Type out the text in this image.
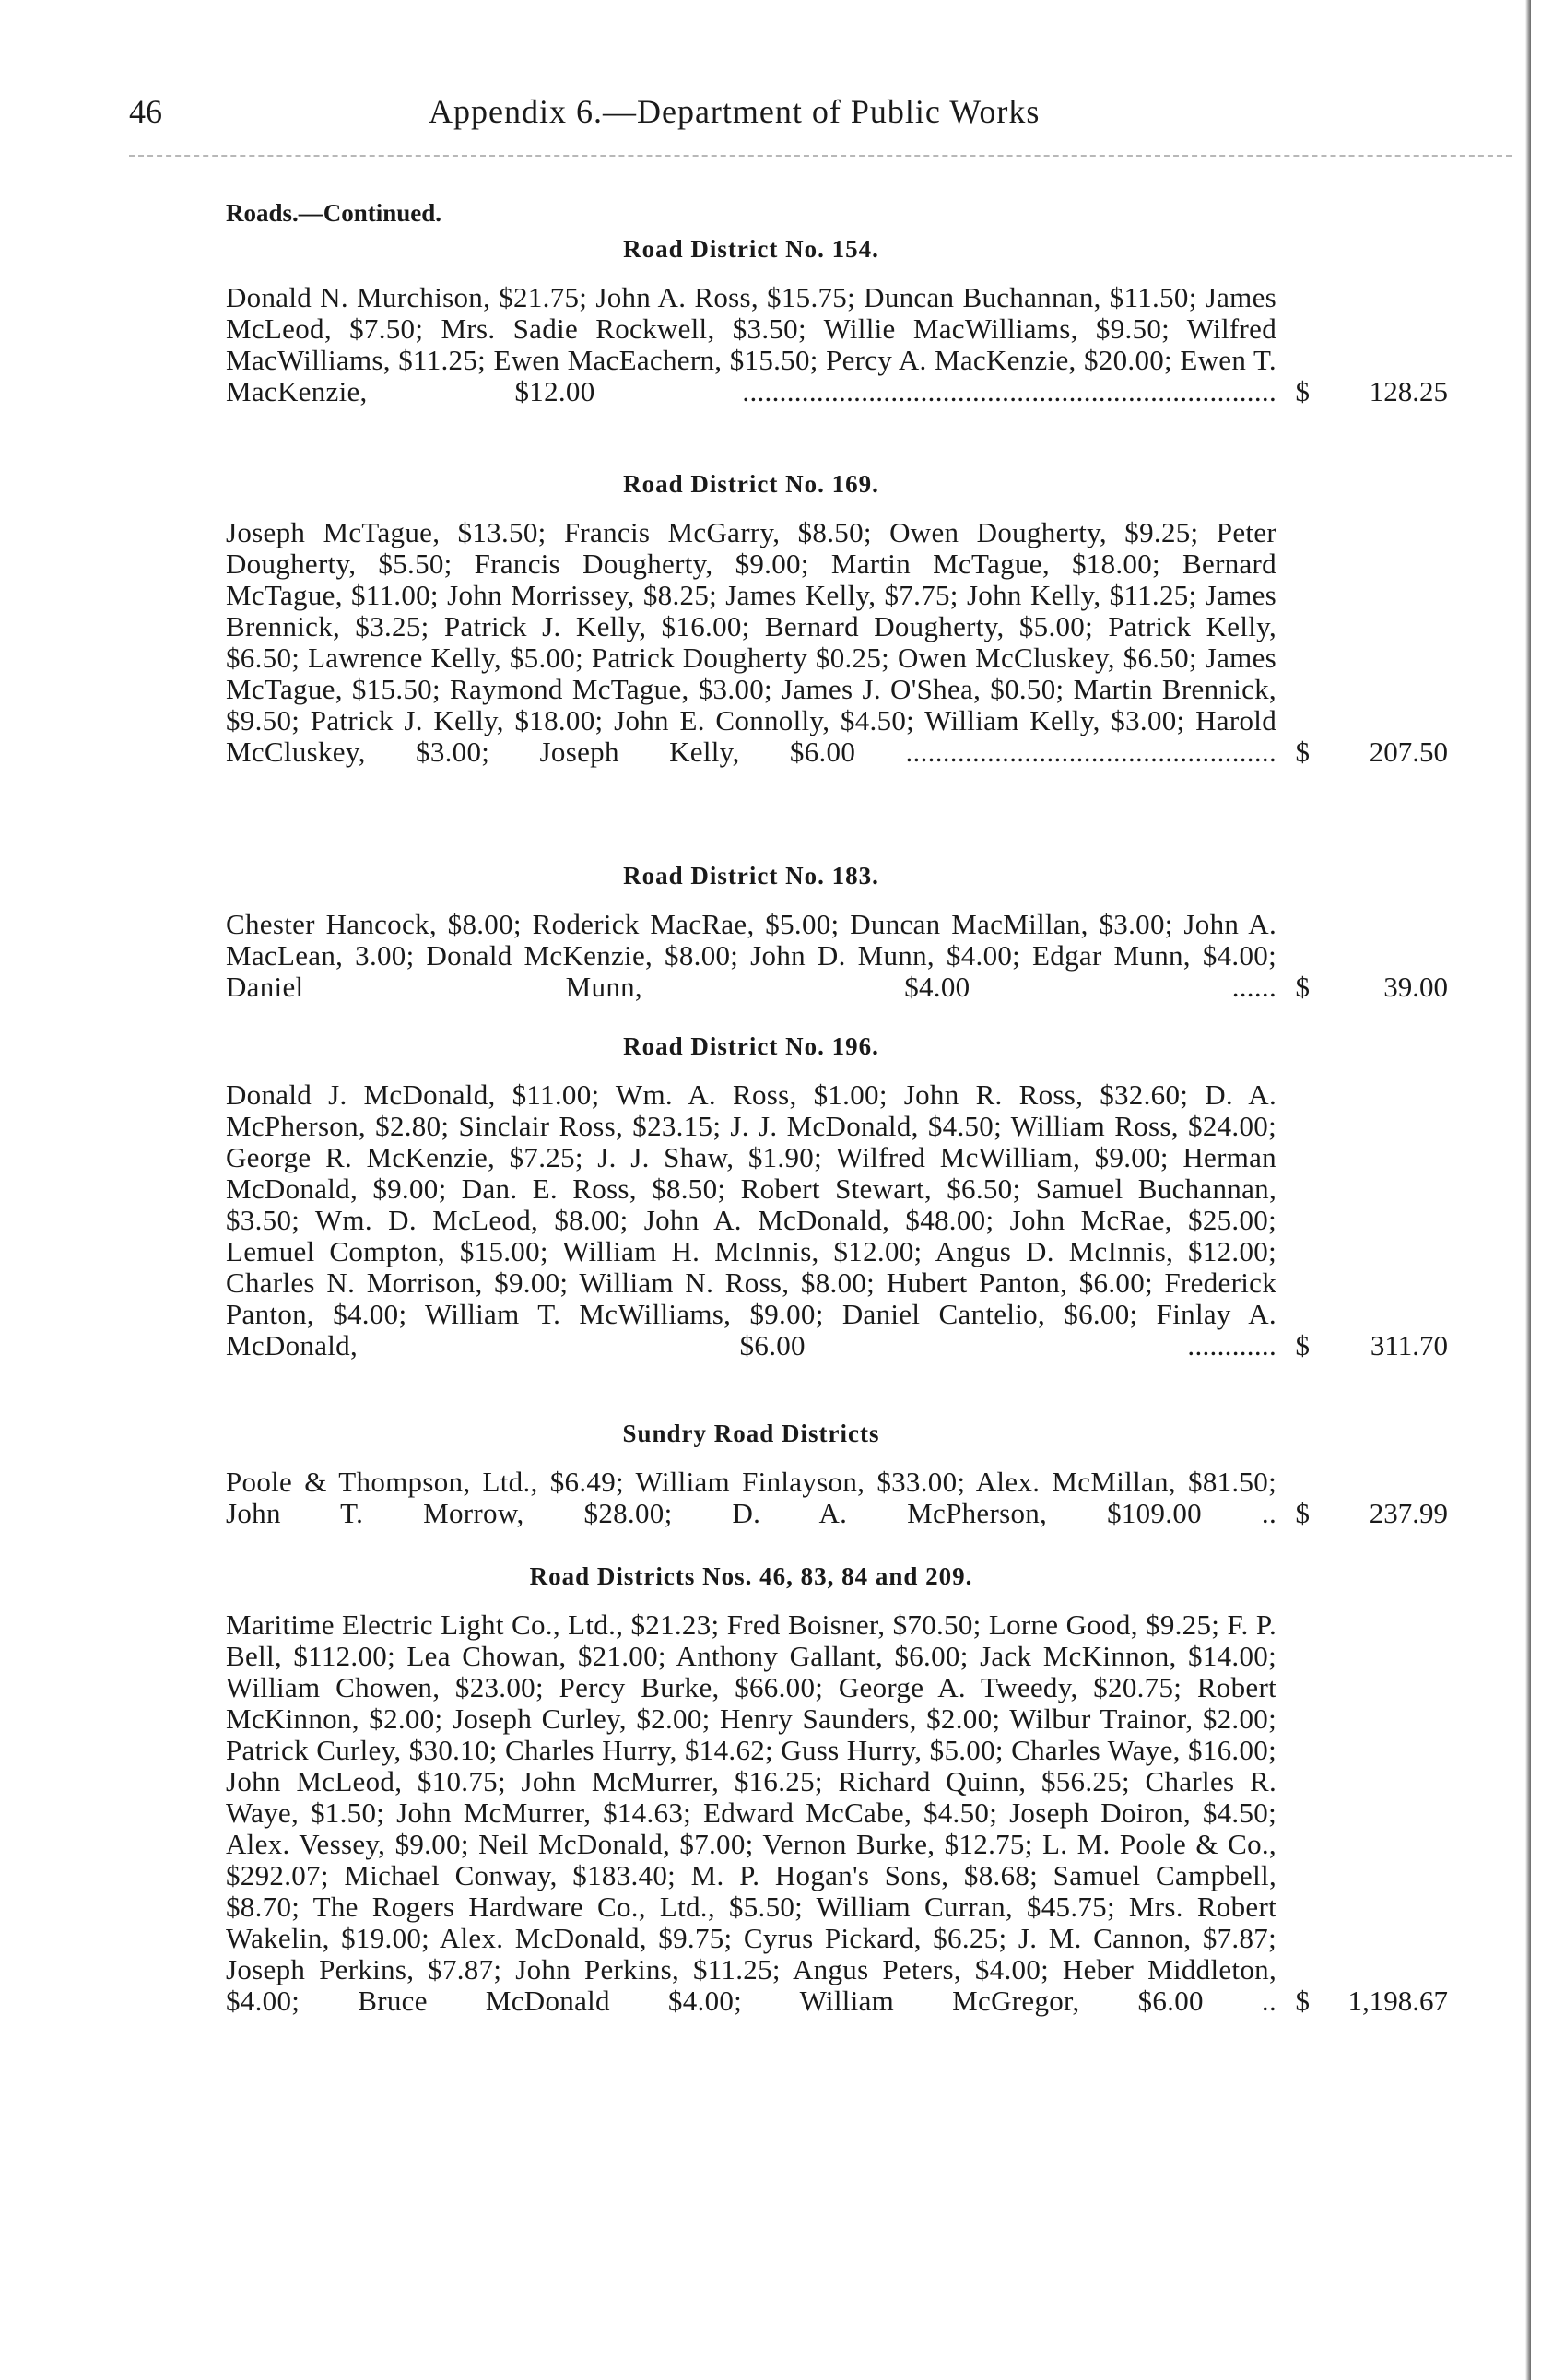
46	Appendix 6.—Department of Public Works
Roads.—Continued.
Road District No. 154.
Donald N. Murchison, $21.75; John A. Ross, $15.75; Duncan Buchannan, $11.50; James McLeod, $7.50; Mrs. Sadie Rockwell, $3.50; Willie MacWilliams, $9.50; Wilfred MacWilliams, $11.25; Ewen MacEachern, $15.50; Percy A. MacKenzie, $20.00; Ewen T. MacKenzie, $12.00 ........................................................................ $	128.25
Road District No. 169.
Joseph McTague, $13.50; Francis McGarry, $8.50; Owen Dougherty, $9.25; Peter Dougherty, $5.50; Francis Dougherty, $9.00; Martin McTague, $18.00; Bernard McTague, $11.00; John Morrissey, $8.25; James Kelly, $7.75; John Kelly, $11.25; James Brennick, $3.25; Patrick J. Kelly, $16.00; Bernard Dougherty, $5.00; Patrick Kelly, $6.50; Lawrence Kelly, $5.00; Patrick Dougherty $0.25; Owen McCluskey, $6.50; James McTague, $15.50; Raymond McTague, $3.00; James J. O'Shea, $0.50; Martin Brennick, $9.50; Patrick J. Kelly, $18.00; John E. Connolly, $4.50; William Kelly, $3.00; Harold McCluskey, $3.00; Joseph Kelly, $6.00 .................................................. $	207.50
Road District No. 183.
Chester Hancock, $8.00; Roderick MacRae, $5.00; Duncan MacMillan, $3.00; John A. MacLean, 3.00; Donald McKenzie, $8.00; John D. Munn, $4.00; Edgar Munn, $4.00; Daniel Munn, $4.00 ...... $	39.00
Road District No. 196.
Donald J. McDonald, $11.00; Wm. A. Ross, $1.00; John R. Ross, $32.60; D. A. McPherson, $2.80; Sinclair Ross, $23.15; J. J. McDonald, $4.50; William Ross, $24.00; George R. McKenzie, $7.25; J. J. Shaw, $1.90; Wilfred McWilliam, $9.00; Herman McDonald, $9.00; Dan. E. Ross, $8.50; Robert Stewart, $6.50; Samuel Buchannan, $3.50; Wm. D. McLeod, $8.00; John A. McDonald, $48.00; John McRae, $25.00; Lemuel Compton, $15.00; William H. McInnis, $12.00; Angus D. McInnis, $12.00; Charles N. Morrison, $9.00; William N. Ross, $8.00; Hubert Panton, $6.00; Frederick Panton, $4.00; William T. McWilliams, $9.00; Daniel Cantelio, $6.00; Finlay A. McDonald, $6.00 ............ $	311.70
Sundry Road Districts
Poole & Thompson, Ltd., $6.49; William Finlayson, $33.00; Alex. McMillan, $81.50; John T. Morrow, $28.00; D. A. McPherson, $109.00 .. $	237.99
Road Districts Nos. 46, 83, 84 and 209.
Maritime Electric Light Co., Ltd., $21.23; Fred Boisner, $70.50; Lorne Good, $9.25; F. P. Bell, $112.00; Lea Chowan, $21.00; Anthony Gallant, $6.00; Jack McKinnon, $14.00; William Chowen, $23.00; Percy Burke, $66.00; George A. Tweedy, $20.75; Robert McKinnon, $2.00; Joseph Curley, $2.00; Henry Saunders, $2.00; Wilbur Trainor, $2.00; Patrick Curley, $30.10; Charles Hurry, $14.62; Guss Hurry, $5.00; Charles Waye, $16.00; John McLeod, $10.75; John McMurrer, $16.25; Richard Quinn, $56.25; Charles R. Waye, $1.50; John McMurrer, $14.63; Edward McCabe, $4.50; Joseph Doiron, $4.50; Alex. Vessey, $9.00; Neil McDonald, $7.00; Vernon Burke, $12.75; L. M. Poole & Co., $292.07; Michael Conway, $183.40; M. P. Hogan's Sons, $8.68; Samuel Campbell, $8.70; The Rogers Hardware Co., Ltd., $5.50; William Curran, $45.75; Mrs. Robert Wakelin, $19.00; Alex. McDonald, $9.75; Cyrus Pickard, $6.25; J. M. Cannon, $7.87; Joseph Perkins, $7.87; John Perkins, $11.25; Angus Peters, $4.00; Heber Middleton, $4.00; Bruce McDonald $4.00; William McGregor, $6.00 .. $	1,198.67
